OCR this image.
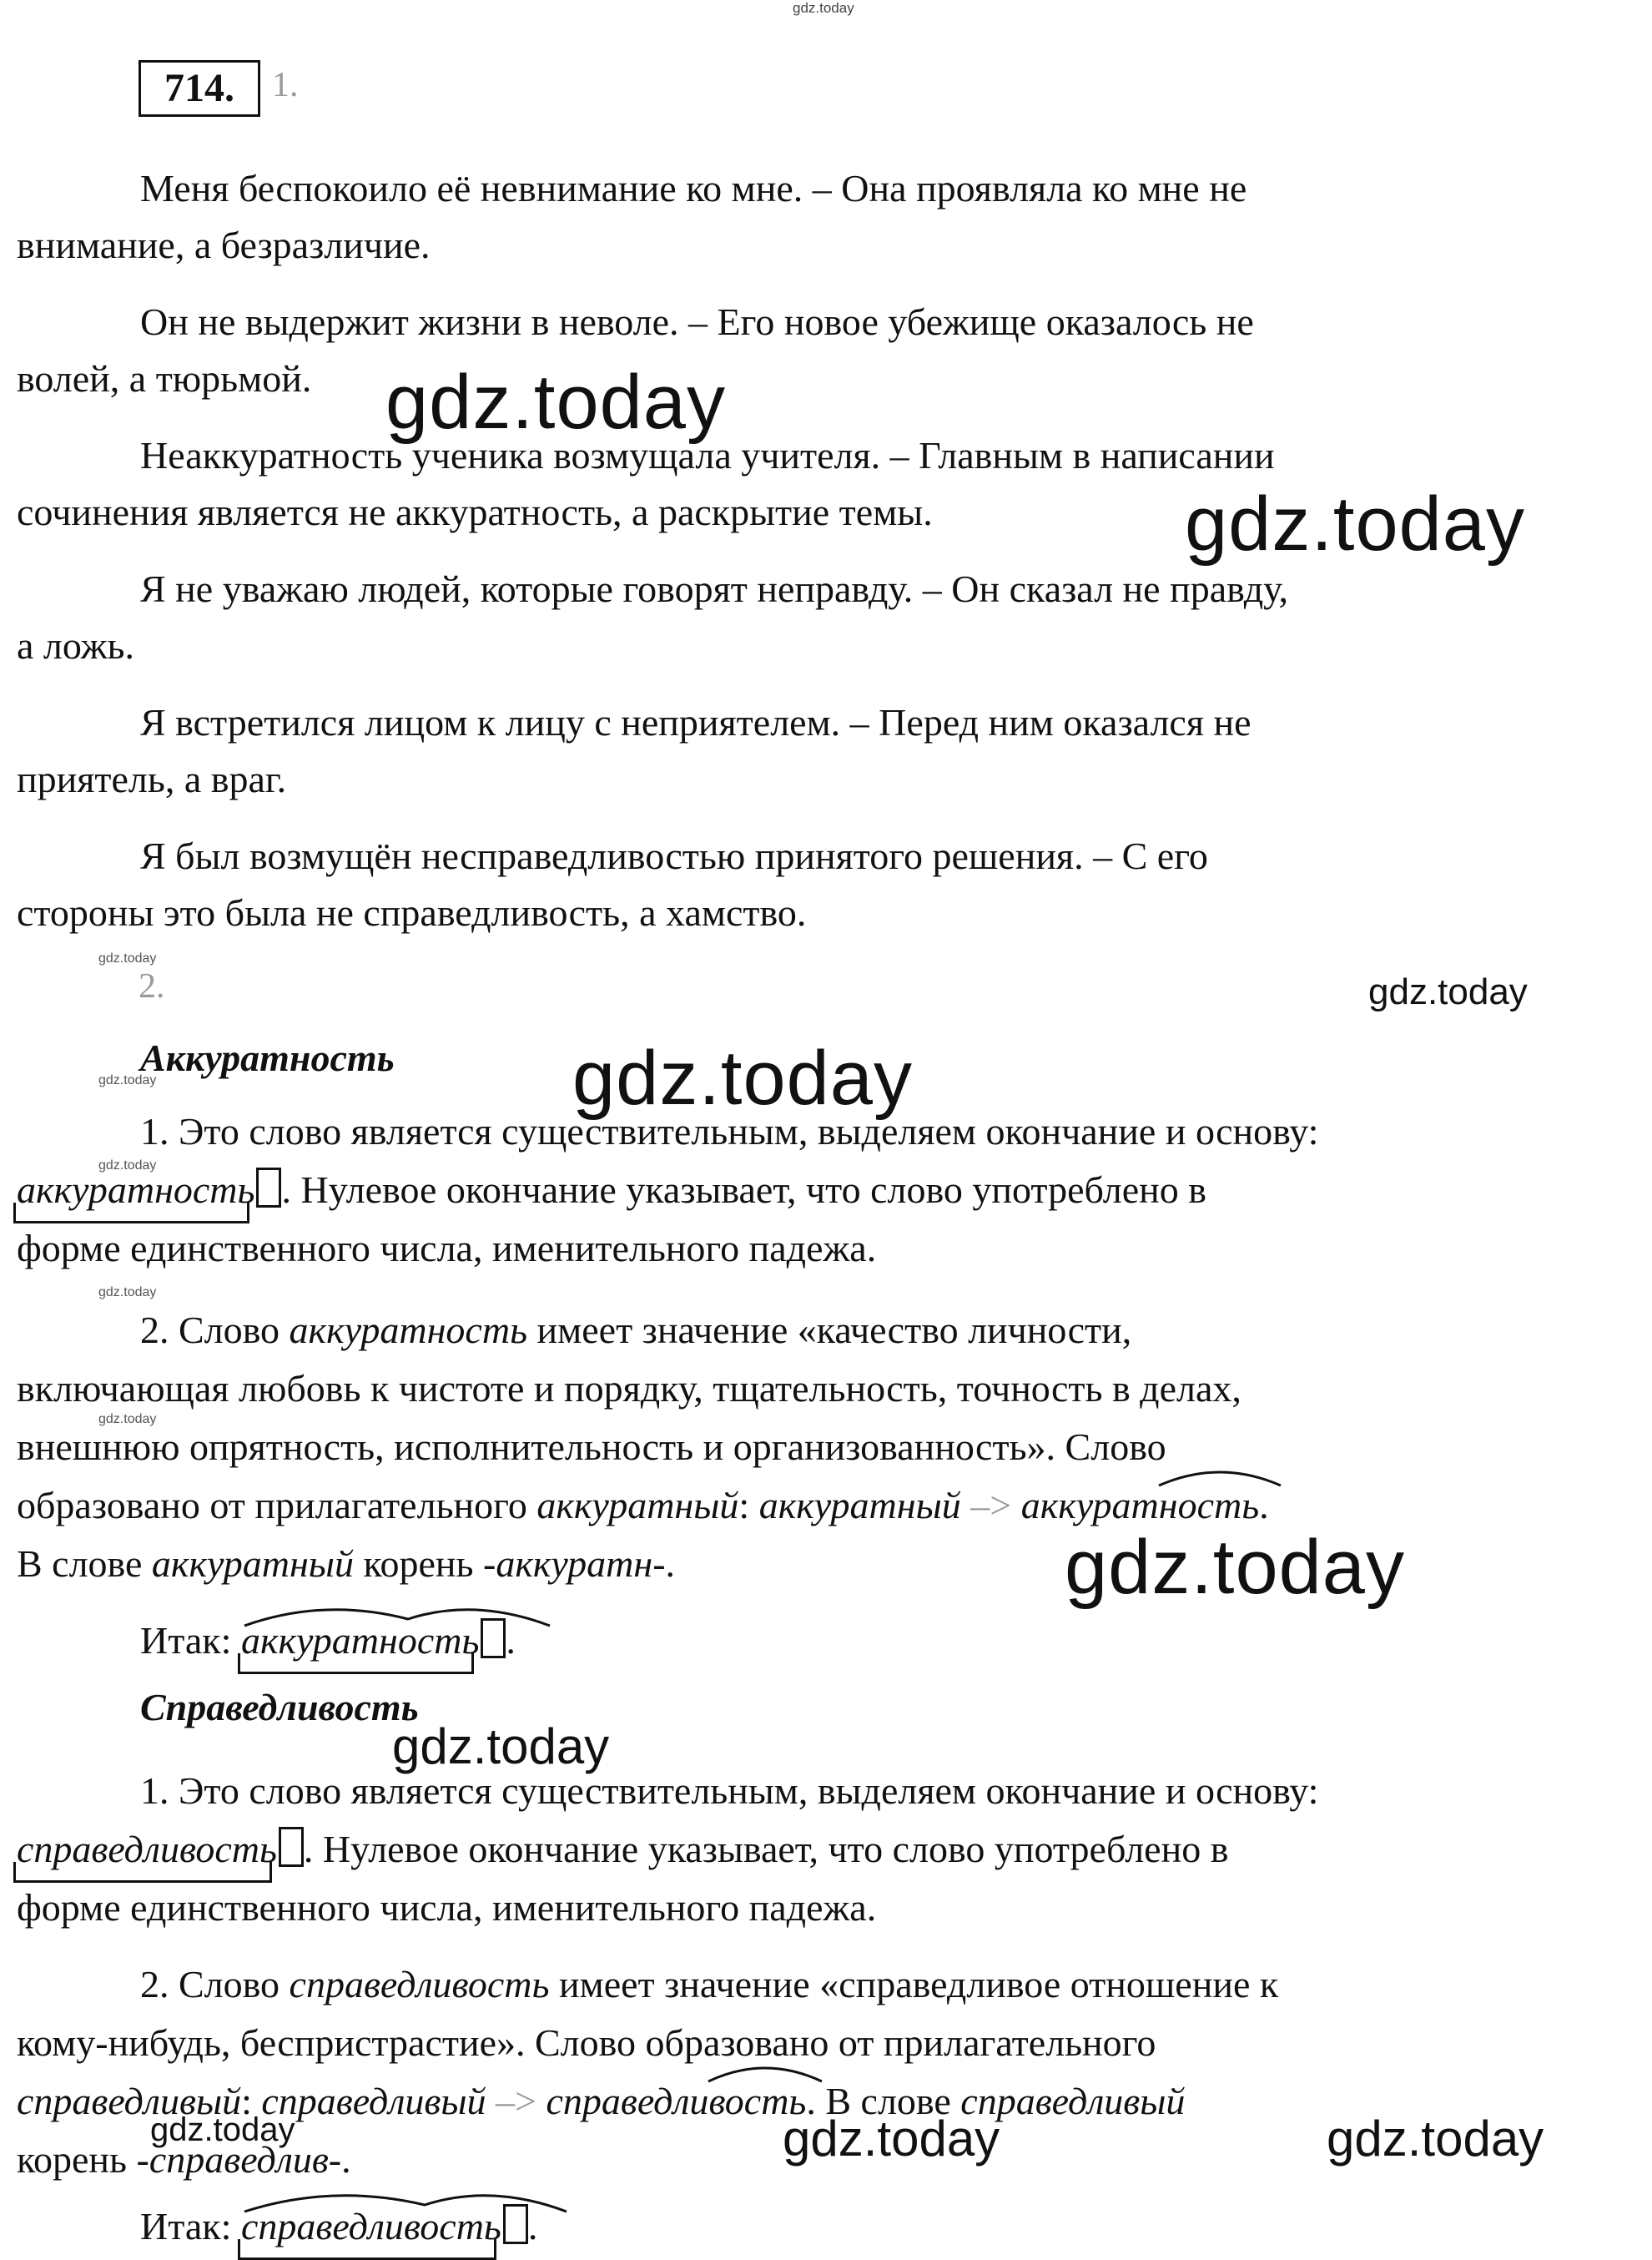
gdz.today
714.	1.
Меня беспокоило её невнимание ко мне. – Она проявляла ко мне не
внимание, а безразличие.
Он не выдержит жизни в неволе. – Его новое убежище оказалось не
волей, а тюрьмой.
Неаккуратность ученика возмущала учителя. – Главным в написании
сочинения является не аккуратность, а раскрытие темы.
Я не уважаю людей, которые говорят неправду. – Он сказал не правду,
а ложь.
Я встретился лицом к лицу с неприятелем. – Перед ним оказался не
приятель, а враг.
Я был возмущён несправедливостью принятого решения. – С его
стороны это была не справедливость, а хамство.
gdz.today
gdz.today
gdz.today
2.	gdz.today
Аккуратность gdz.today
gdz.today
1. Это слово является существительным, выделяем окончание и основу:
gdz.today
аккуратность . Нулевое окончание указывает, что слово употреблено в
форме единственного числа, именительного падежа.
gdz.today
2. Слово аккуратность имеет значение «качество личности,
включающая любовь к чистоте и порядку, тщательность, точность в делах,
gdz.today
внешнюю опрятность, исполнительность и организованность». Слово
образовано от прилагательного аккуратный: аккуратный –> аккурат
ность.
В слове аккуратный корень -аккуратн-.	gdz.today
Итак:
аккуратность .
Справедливость
gdz.today
1. Это слово является существительным, выделяем окончание и основу:
справедливость . Нулевое окончание указывает, что слово употреблено в
форме единственного числа, именительного падежа.
2. Слово справедливость имеет значение «справедливое отношение к
кому-нибудь, беспристрастие». Слово образовано от прилагательного
справедливый: справедливый –> справедли
вость. В слове справедливый
корень -справедлив-.
gdz.today	gdz.today	gdz.today
Итак:
справедливость .
